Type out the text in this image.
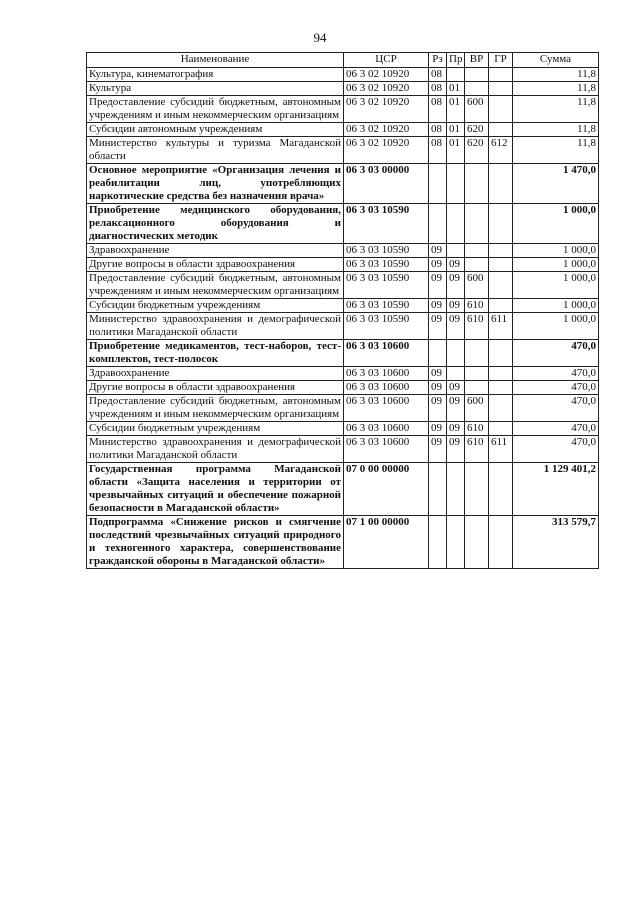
94
Наименование	ЦСР	Рз	Пр	ВР	ГР	Сумма
Культура, кинематография	06 3 02 10920	08				11,8
Культура	06 3 02 10920	08	01			11,8
Предоставление субсидий бюджетным, автономным учреждениям и иным некоммерческим организациям	06 3 02 10920	08	01	600		11,8
Субсидии автономным учреждениям	06 3 02 10920	08	01	620		11,8
Министерство культуры и туризма Магаданской области	06 3 02 10920	08	01	620	612	11,8
Основное мероприятие «Организация лечения и реабилитации лиц, употребляющих наркотические средства без назначения врача»	06 3 03 00000					1 470,0
Приобретение медицинского оборудования, релаксационного оборудования и диагностических методик	06 3 03 10590					1 000,0
Здравоохранение	06 3 03 10590	09				1 000,0
Другие вопросы в области здравоохранения	06 3 03 10590	09	09			1 000,0
Предоставление субсидий бюджетным, автономным учреждениям и иным некоммерческим организациям	06 3 03 10590	09	09	600		1 000,0
Субсидии бюджетным учреждениям	06 3 03 10590	09	09	610		1 000,0
Министерство здравоохранения и демографической политики Магаданской области	06 3 03 10590	09	09	610	611	1 000,0
Приобретение медикаментов, тест-наборов, тест-комплектов, тест-полосок	06 3 03 10600					470,0
Здравоохранение	06 3 03 10600	09				470,0
Другие вопросы в области здравоохранения	06 3 03 10600	09	09			470,0
Предоставление субсидий бюджетным, автономным учреждениям и иным некоммерческим организациям	06 3 03 10600	09	09	600		470,0
Субсидии бюджетным учреждениям	06 3 03 10600	09	09	610		470,0
Министерство здравоохранения и демографической политики Магаданской области	06 3 03 10600	09	09	610	611	470,0
Государственная программа Магаданской области «Защита населения и территории от чрезвычайных ситуаций и обеспечение пожарной безопасности в Магаданской области»	07 0 00 00000					1 129 401,2
Подпрограмма «Снижение рисков и смягчение последствий чрезвычайных ситуаций природного и техногенного характера, совершенствование гражданской обороны в Магаданской области»	07 1 00 00000					313 579,7
